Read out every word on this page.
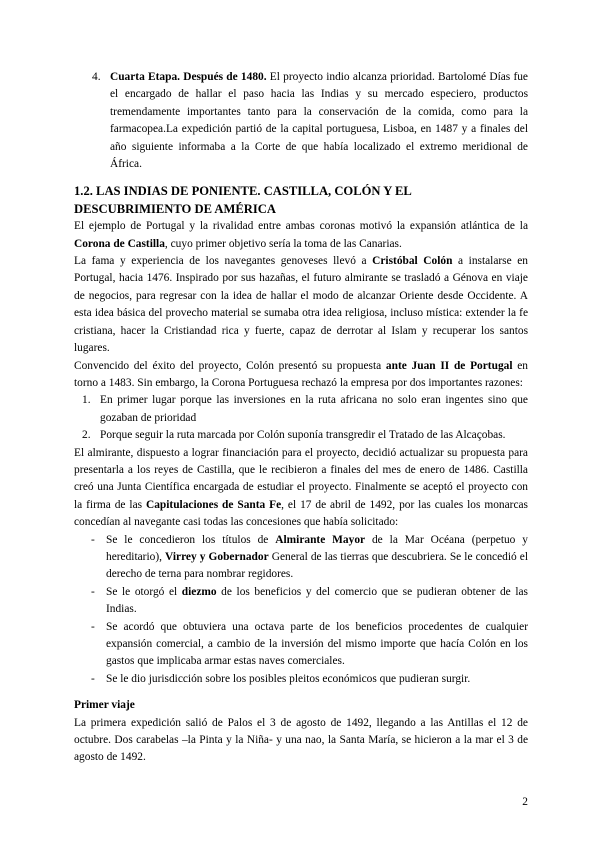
4. Cuarta Etapa. Después de 1480. El proyecto indio alcanza prioridad. Bartolomé Días fue el encargado de hallar el paso hacia las Indias y su mercado especiero, productos tremendamente importantes tanto para la conservación de la comida, como para la farmacopea.La expedición partió de la capital portuguesa, Lisboa, en 1487 y a finales del año siguiente informaba a la Corte de que había localizado el extremo meridional de África.

1.2. LAS INDIAS DE PONIENTE. CASTILLA, COLÓN Y EL DESCUBRIMIENTO DE AMÉRICA

El ejemplo de Portugal y la rivalidad entre ambas coronas motivó la expansión atlántica de la Corona de Castilla, cuyo primer objetivo sería la toma de las Canarias.

La fama y experiencia de los navegantes genoveses llevó a Cristóbal Colón a instalarse en Portugal, hacia 1476. Inspirado por sus hazañas, el futuro almirante se trasladó a Génova en viaje de negocios, para regresar con la idea de hallar el modo de alcanzar Oriente desde Occidente. A esta idea básica del provecho material se sumaba otra idea religiosa, incluso mística: extender la fe cristiana, hacer la Cristiandad rica y fuerte, capaz de derrotar al Islam y recuperar los santos lugares.

Convencido del éxito del proyecto, Colón presentó su propuesta ante Juan II de Portugal en torno a 1483. Sin embargo, la Corona Portuguesa rechazó la empresa por dos importantes razones:

1. En primer lugar porque las inversiones en la ruta africana no solo eran ingentes sino que gozaban de prioridad

2. Porque seguir la ruta marcada por Colón suponía transgredir el Tratado de las Alcaçobas.

El almirante, dispuesto a lograr financiación para el proyecto, decidió actualizar su propuesta para presentarla a los reyes de Castilla, que le recibieron a finales del mes de enero de 1486. Castilla creó una Junta Científica encargada de estudiar el proyecto. Finalmente se aceptó el proyecto con la firma de las Capitulaciones de Santa Fe, el 17 de abril de 1492, por las cuales los monarcas concedían al navegante casi todas las concesiones que había solicitado:

- Se le concedieron los títulos de Almirante Mayor de la Mar Océana (perpetuo y hereditario), Virrey y Gobernador General de las tierras que descubriera. Se le concedió el derecho de terna para nombrar regidores.

- Se le otorgó el diezmo de los beneficios y del comercio que se pudieran obtener de las Indias.

- Se acordó que obtuviera una octava parte de los beneficios procedentes de cualquier expansión comercial, a cambio de la inversión del mismo importe que hacía Colón en los gastos que implicaba armar estas naves comerciales.

- Se le dio jurisdicción sobre los posibles pleitos económicos que pudieran surgir.

Primer viaje

La primera expedición salió de Palos el 3 de agosto de 1492, llegando a las Antillas el 12 de octubre. Dos carabelas –la Pinta y la Niña- y una nao, la Santa María, se hicieron a la mar el 3 de agosto de 1492.

2
